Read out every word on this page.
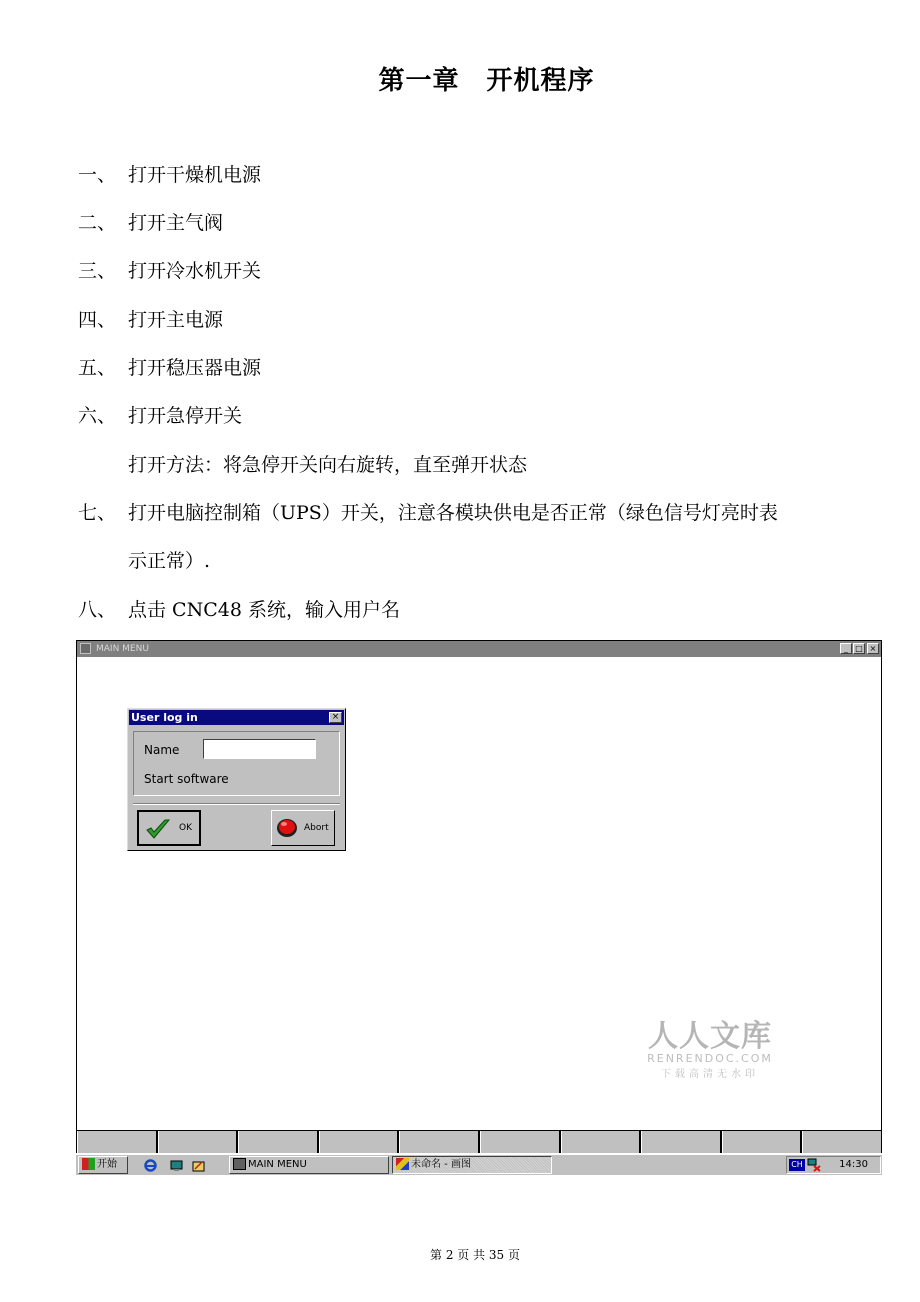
第一章　开机程序
一、 打开干燥机电源
二、 打开主气阀
三、 打开冷水机开关
四、 打开主电源
五、 打开稳压器电源
六、 打开急停开关
打开方法：将急停开关向右旋转，直至弹开状态
七、 打开电脑控制箱（UPS）开关，注意各模块供电是否正常（绿色信号灯亮时表
示正常）.
八、 点击 CNC48 系统，输入用户名
MAIN MENU	_ □ ×
User log in	×
Name
Start software
OK	Abort
人人文库
RENRENDOC.COM
下载高清无水印
开始	MAIN MENU	未命名 - 画图	CH	14:30
第 2 页 共 35 页
